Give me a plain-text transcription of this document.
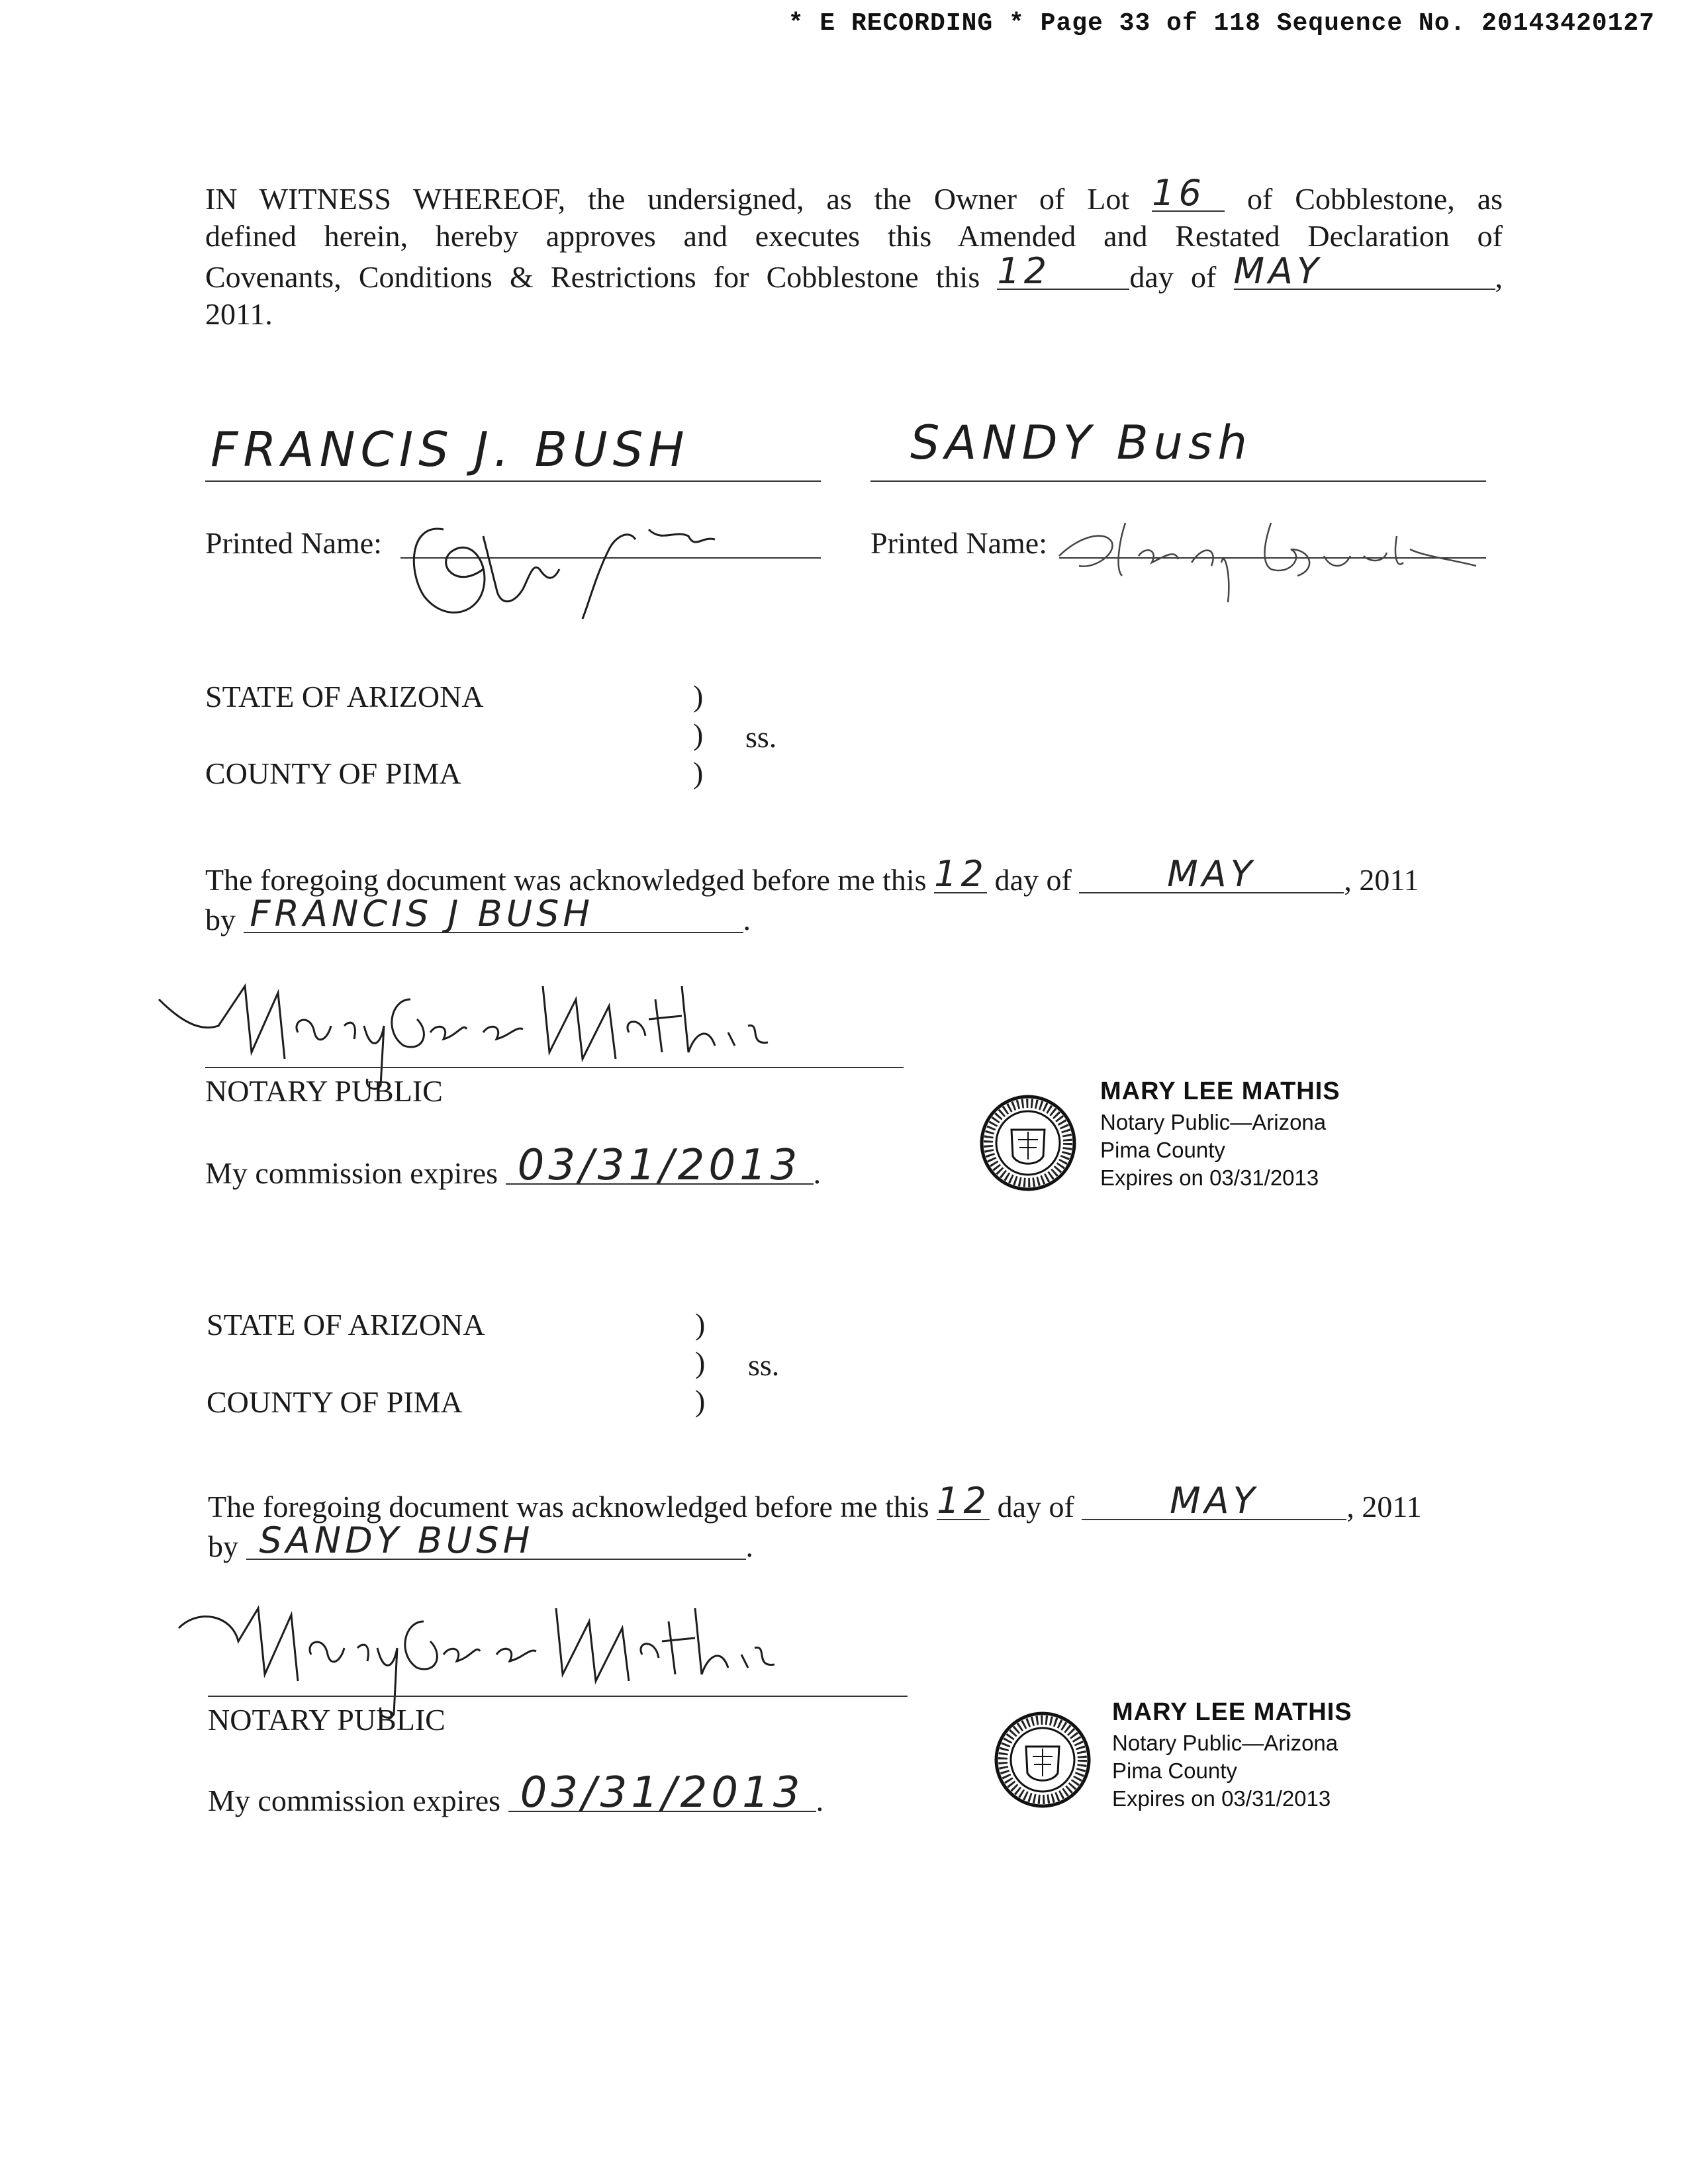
* E RECORDING * Page 33 of 118 Sequence No. 20143420127
IN WITNESS WHEREOF, the undersigned, as the Owner of Lot 16 of Cobblestone, as
defined herein, hereby approves and executes this Amended and Restated Declaration of
Covenants, Conditions & Restrictions for Cobblestone this 12	day of MAY	,
2011.
FRANCIS J. BUSH
Printed Name:
SANDY Bush
Printed Name:
STATE OF ARIZONA	)
) ss.
COUNTY OF PIMA	)
The foregoing document was acknowledged before me this 12 day of	MAY	, 2011
by FRANCIS J BUSH	.
NOTARY PUBLIC
My commission expires 03/31/2013 .
MARY LEE MATHIS
Notary Public—Arizona
Pima County
Expires on 03/31/2013
STATE OF ARIZONA	)
) ss.
COUNTY OF PIMA	)
The foregoing document was acknowledged before me this 12 day of	MAY	, 2011
by SANDY BUSH	.
NOTARY PUBLIC
My commission expires 03/31/2013 .
MARY LEE MATHIS
Notary Public—Arizona
Pima County
Expires on 03/31/2013
